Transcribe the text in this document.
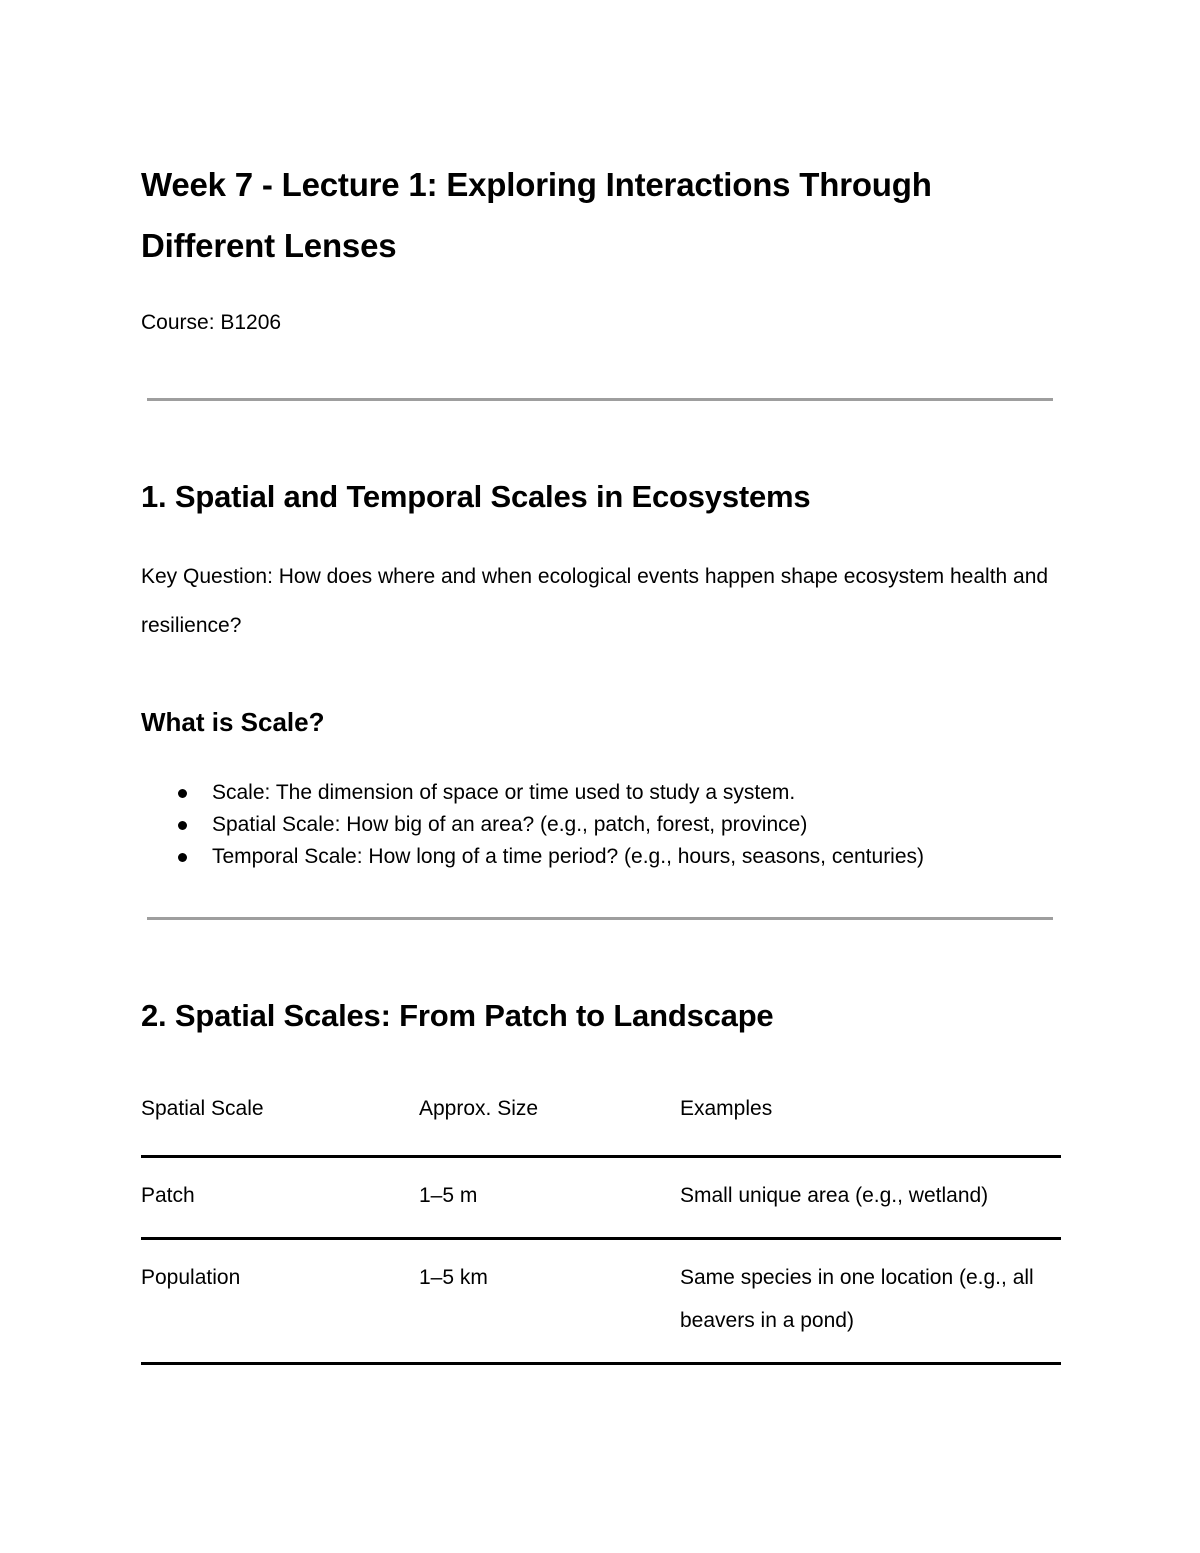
Week 7 - Lecture 1: Exploring Interactions Through Different Lenses

Course: B1206

1. Spatial and Temporal Scales in Ecosystems

Key Question: How does where and when ecological events happen shape ecosystem health and resilience?

What is Scale?
Scale: The dimension of space or time used to study a system.
Spatial Scale: How big of an area? (e.g., patch, forest, province)
Temporal Scale: How long of a time period? (e.g., hours, seasons, centuries)
2. Spatial Scales: From Patch to Landscape
Spatial Scale	Approx. Size	Examples
Patch	1–5 m	Small unique area (e.g., wetland)
Population	1–5 km	Same species in one location (e.g., all beavers in a pond)
